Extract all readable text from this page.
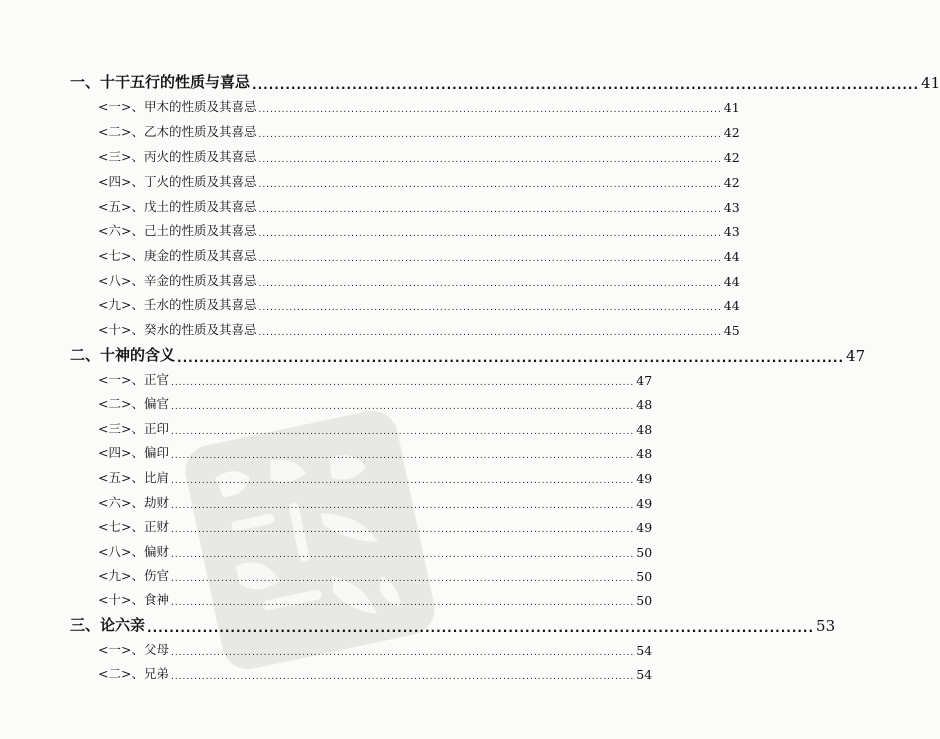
一、十干五行的性质与喜忌 ........................................................................................................................ 41
<一>、甲木的性质及其喜忌 ........................................................................................................................ 41
<二>、乙木的性质及其喜忌 ........................................................................................................................ 42
<三>、丙火的性质及其喜忌 ........................................................................................................................ 42
<四>、丁火的性质及其喜忌 ........................................................................................................................ 42
<五>、戊土的性质及其喜忌 ........................................................................................................................ 43
<六>、己土的性质及其喜忌 ........................................................................................................................ 43
<七>、庚金的性质及其喜忌 ........................................................................................................................ 44
<八>、辛金的性质及其喜忌 ........................................................................................................................ 44
<九>、壬水的性质及其喜忌 ........................................................................................................................ 44
<十>、癸水的性质及其喜忌 ........................................................................................................................ 45
二、十神的含义 ........................................................................................................................ 47
<一>、正官 ........................................................................................................................ 47
<二>、偏官 ........................................................................................................................ 48
<三>、正印 ........................................................................................................................ 48
<四>、偏印 ........................................................................................................................ 48
<五>、比肩 ........................................................................................................................ 49
<六>、劫财 ........................................................................................................................ 49
<七>、正财 ........................................................................................................................ 49
<八>、偏财 ........................................................................................................................ 50
<九>、伤官 ........................................................................................................................ 50
<十>、食神 ........................................................................................................................ 50
三、论六亲 ........................................................................................................................ 53
<一>、父母 ........................................................................................................................ 54
<二>、兄弟 ........................................................................................................................ 54
